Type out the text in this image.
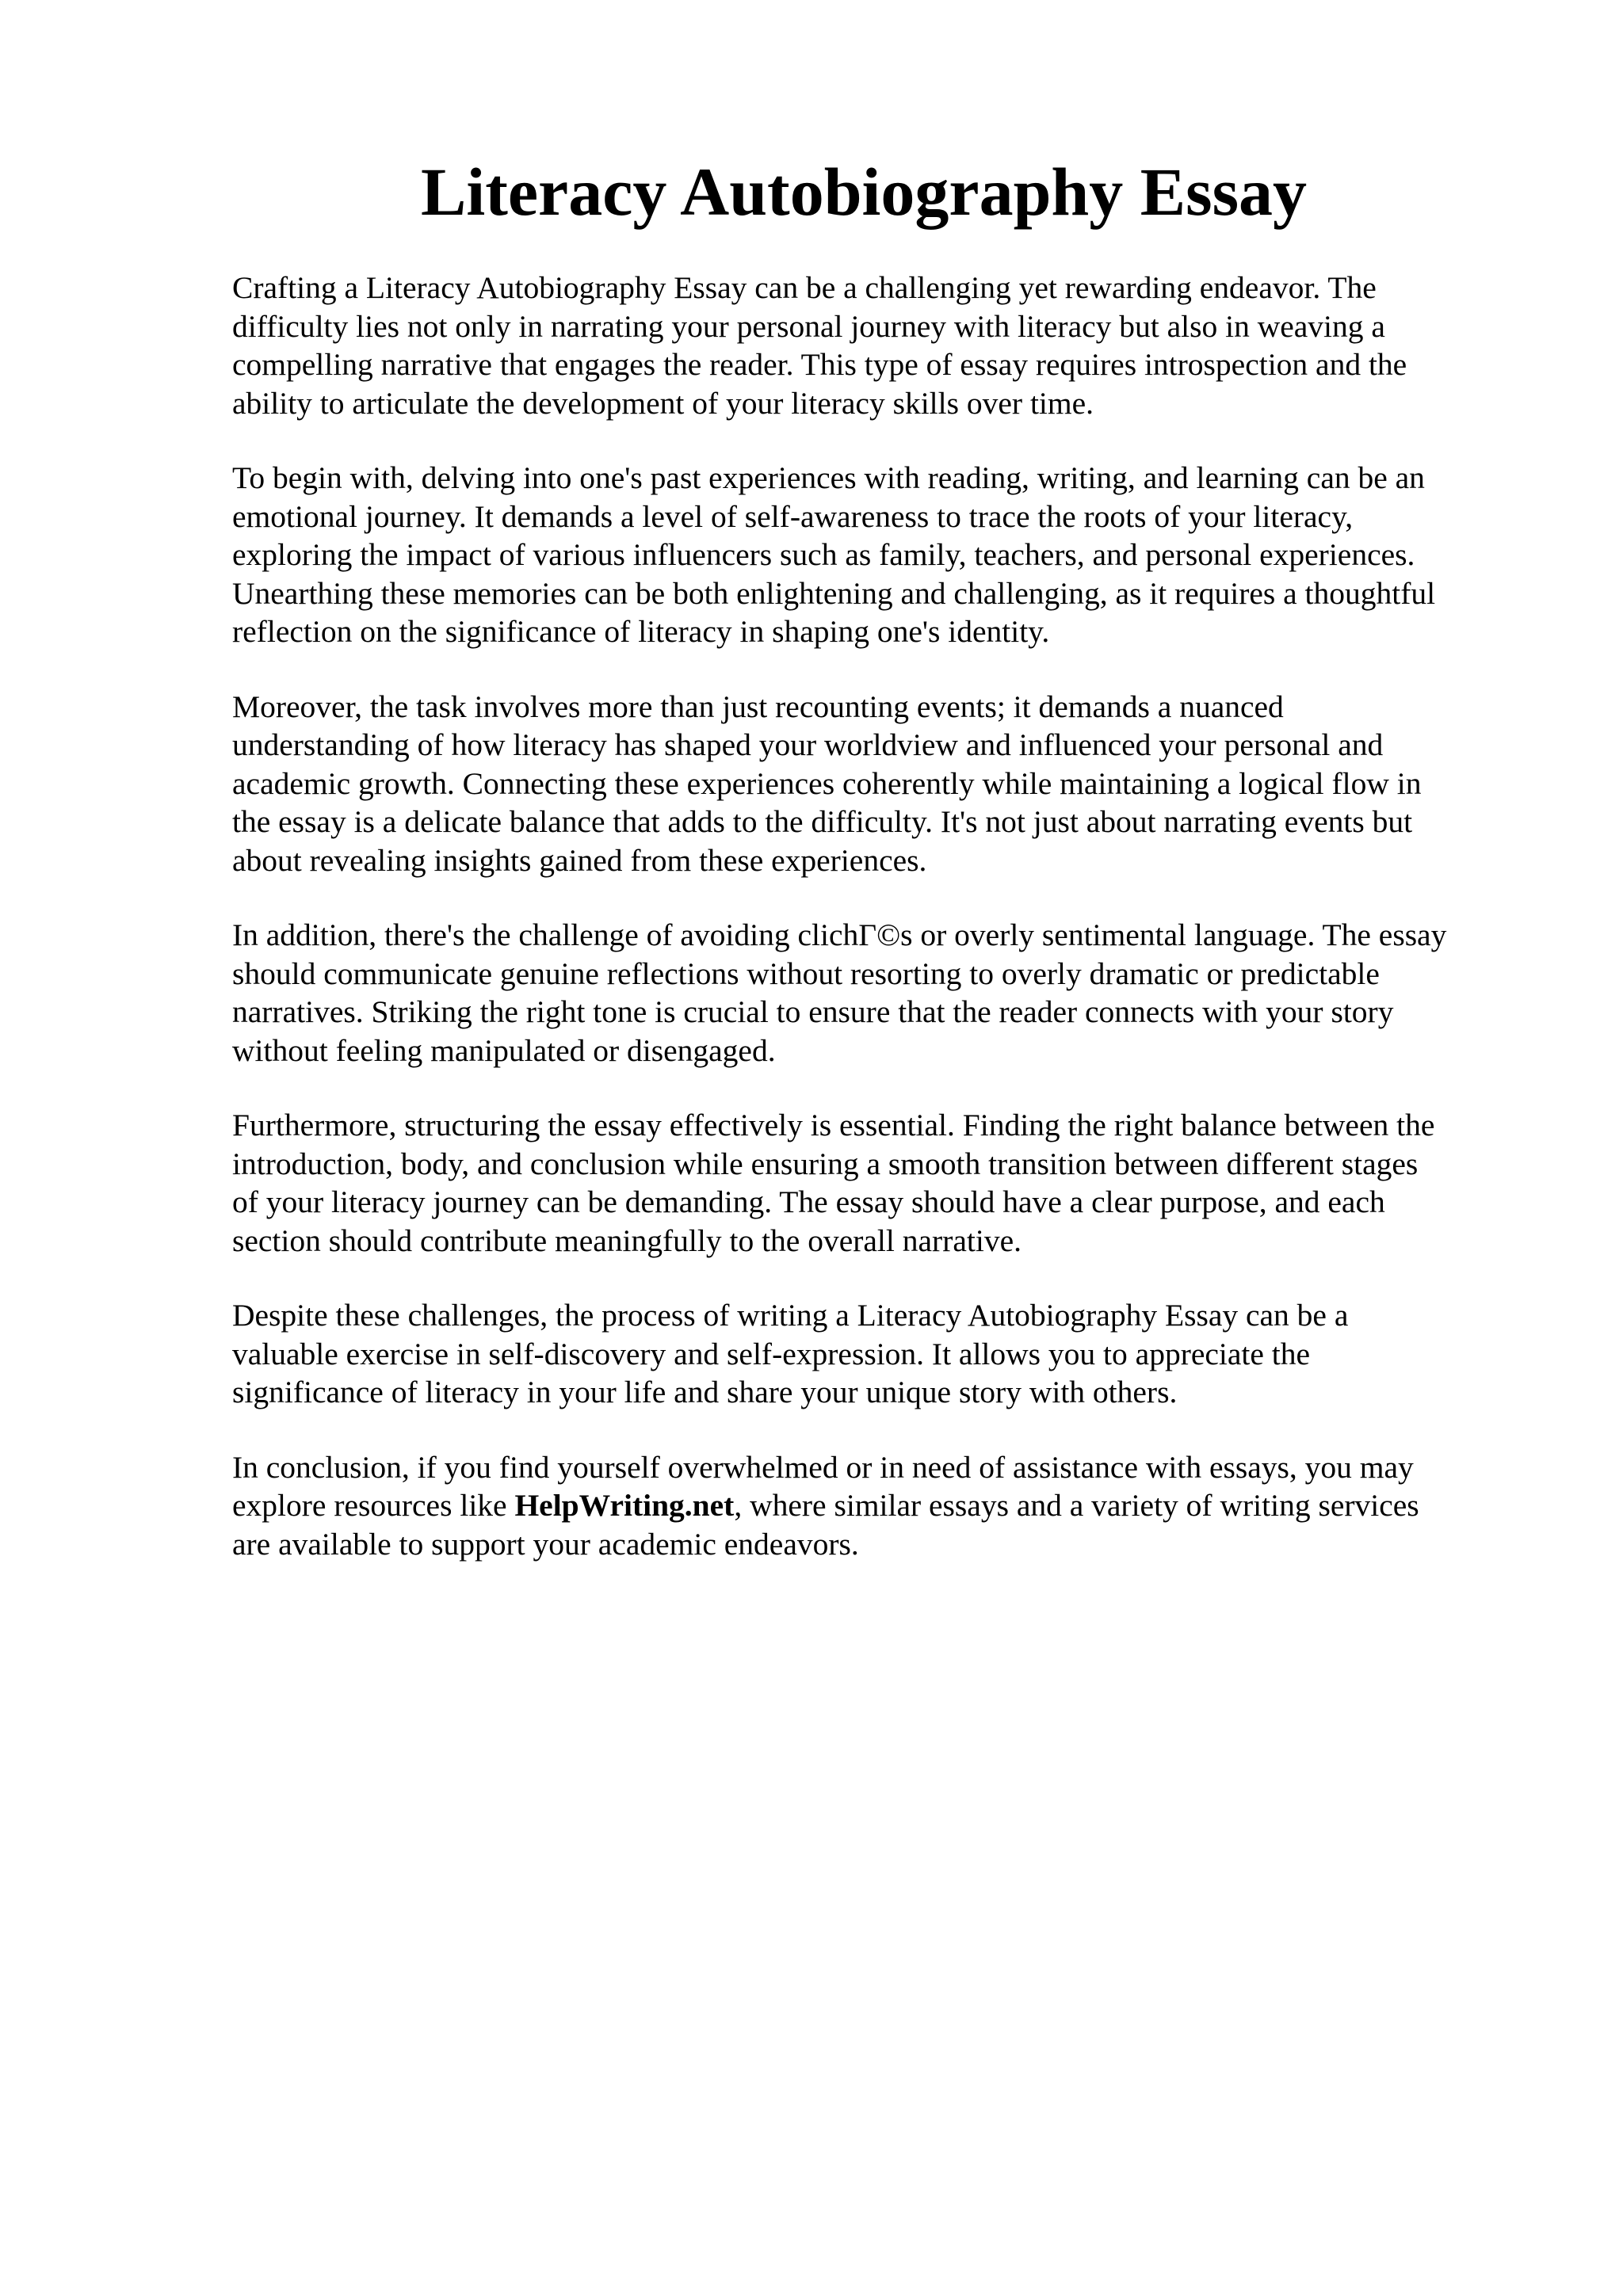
Literacy Autobiography Essay

Crafting a Literacy Autobiography Essay can be a challenging yet rewarding endeavor. The
difficulty lies not only in narrating your personal journey with literacy but also in weaving a
compelling narrative that engages the reader. This type of essay requires introspection and the
ability to articulate the development of your literacy skills over time.

To begin with, delving into one's past experiences with reading, writing, and learning can be an
emotional journey. It demands a level of self-awareness to trace the roots of your literacy,
exploring the impact of various influencers such as family, teachers, and personal experiences.
Unearthing these memories can be both enlightening and challenging, as it requires a thoughtful
reflection on the significance of literacy in shaping one's identity.

Moreover, the task involves more than just recounting events; it demands a nuanced
understanding of how literacy has shaped your worldview and influenced your personal and
academic growth. Connecting these experiences coherently while maintaining a logical flow in
the essay is a delicate balance that adds to the difficulty. It's not just about narrating events but
about revealing insights gained from these experiences.

In addition, there's the challenge of avoiding clichГ©s or overly sentimental language. The essay
should communicate genuine reflections without resorting to overly dramatic or predictable
narratives. Striking the right tone is crucial to ensure that the reader connects with your story
without feeling manipulated or disengaged.

Furthermore, structuring the essay effectively is essential. Finding the right balance between the
introduction, body, and conclusion while ensuring a smooth transition between different stages
of your literacy journey can be demanding. The essay should have a clear purpose, and each
section should contribute meaningfully to the overall narrative.

Despite these challenges, the process of writing a Literacy Autobiography Essay can be a
valuable exercise in self-discovery and self-expression. It allows you to appreciate the
significance of literacy in your life and share your unique story with others.

In conclusion, if you find yourself overwhelmed or in need of assistance with essays, you may
explore resources like HelpWriting.net, where similar essays and a variety of writing services
are available to support your academic endeavors.
